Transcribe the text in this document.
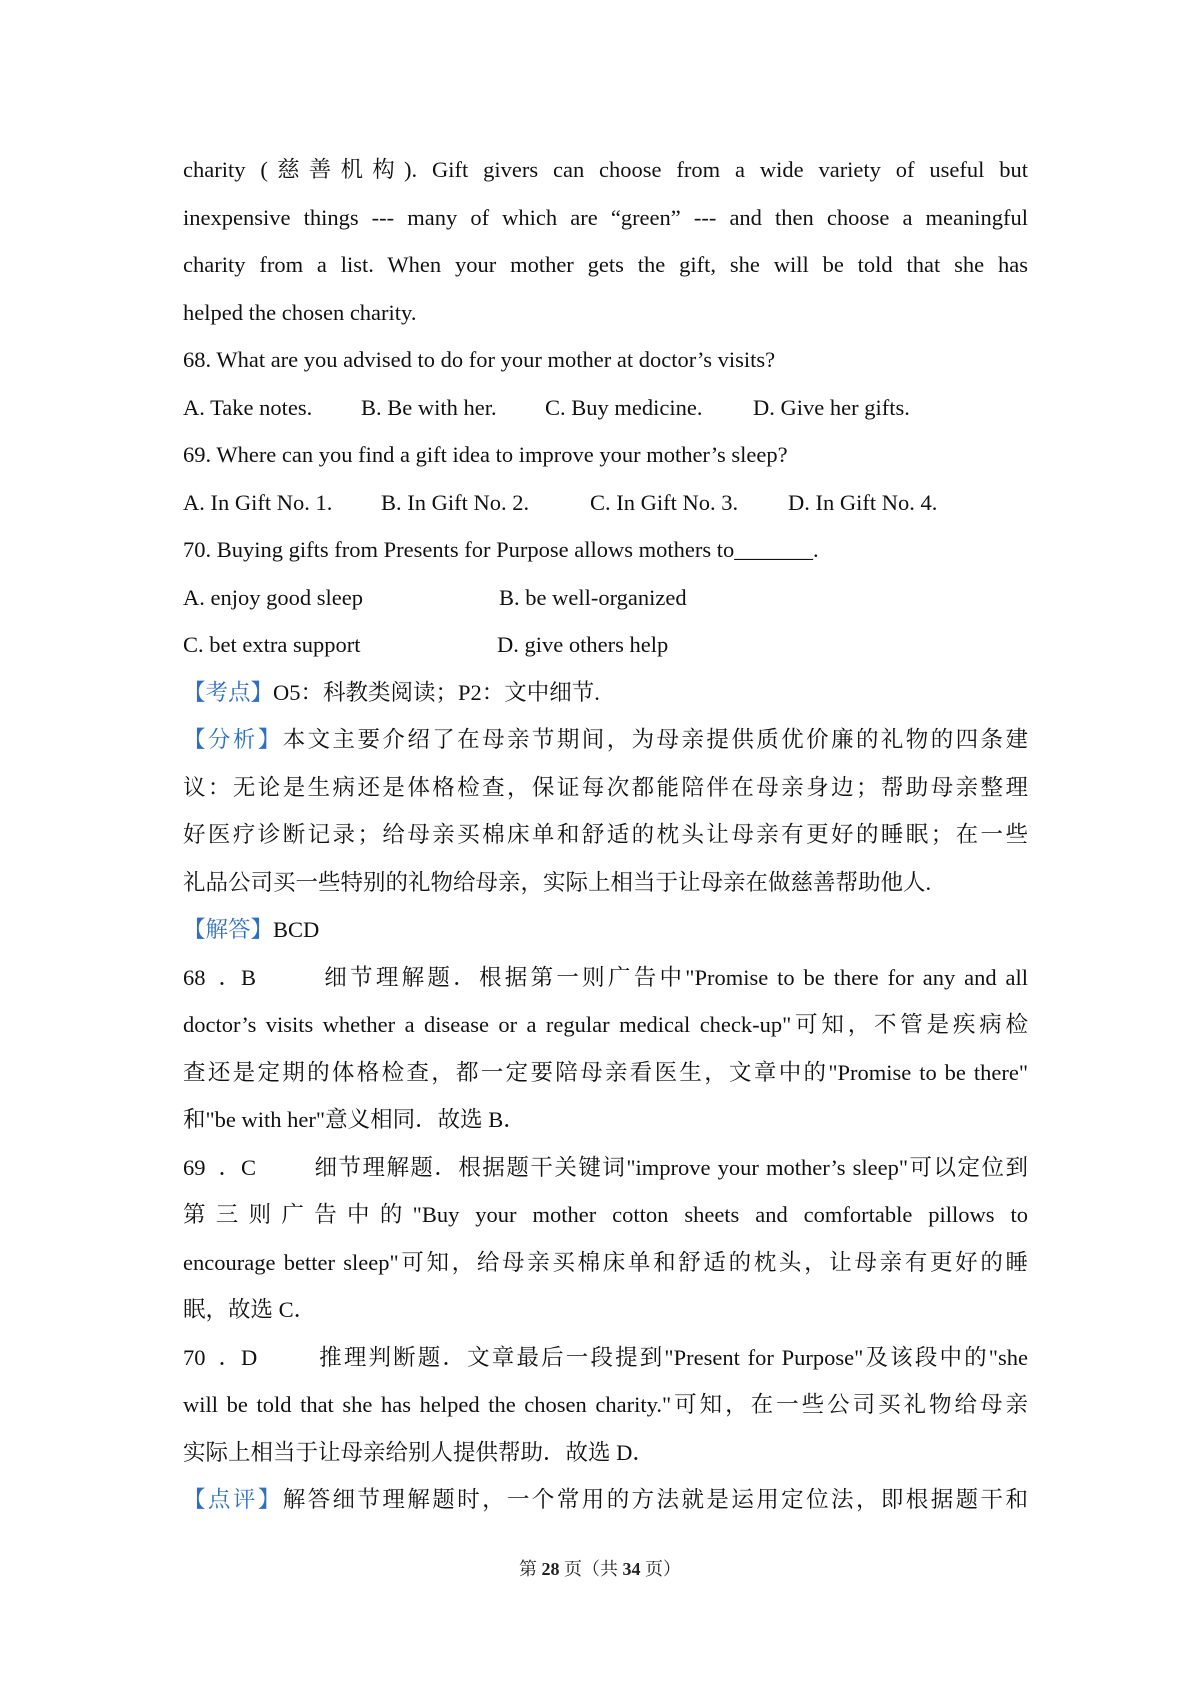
charity (慈善机构). Gift givers can choose from a wide variety of useful but
inexpensive things --- many of which are “green” --- and then choose a meaningful
charity from a list. When your mother gets the gift, she will be told that she has
helped the chosen charity.
68. What are you advised to do for your mother at doctor’s visits?
A. Take notes. B. Be with her. C. Buy medicine. D. Give her gifts.
69. Where can you find a gift idea to improve your mother’s sleep?
A. In Gift No. 1. B. In Gift No. 2.	C. In Gift No. 3. D. In Gift No. 4.
70. Buying gifts from Presents for Purpose allows mothers to_______.
A. enjoy good sleep	B. be well-organized
C. bet extra support	D. give others help
【考点】O5：科教类阅读；P2：文中细节.
【分析】本文主要介绍了在母亲节期间，为母亲提供质优价廉的礼物的四条建
议：无论是生病还是体格检查，保证每次都能陪伴在母亲身边；帮助母亲整理
好医疗诊断记录；给母亲买棉床单和舒适的枕头让母亲有更好的睡眠；在一些
礼品公司买一些特别的礼物给母亲，实际上相当于让母亲在做慈善帮助他人.
【解答】BCD
68．B	细节理解题．根据第一则广告中"Promise to be there for any and all
doctor’s visits whether a disease or a regular medical check-up"可知，不管是疾病检
查还是定期的体格检查，都一定要陪母亲看医生，文章中的"Promise to be there"
和"be with her"意义相同．故选 B．
69．C	细节理解题．根据题干关键词"improve your mother’s sleep"可以定位到
第三则广告中的"Buy your mother cotton sheets and comfortable pillows to
encourage better sleep"可知，给母亲买棉床单和舒适的枕头，让母亲有更好的睡
眠，故选 C．
70．D	推理判断题．文章最后一段提到"Present for Purpose"及该段中的"she
will be told that she has helped the chosen charity."可知，在一些公司买礼物给母亲
实际上相当于让母亲给别人提供帮助．故选 D．
【点评】解答细节理解题时，一个常用的方法就是运用定位法，即根据题干和
第 28 页（共 34 页）
